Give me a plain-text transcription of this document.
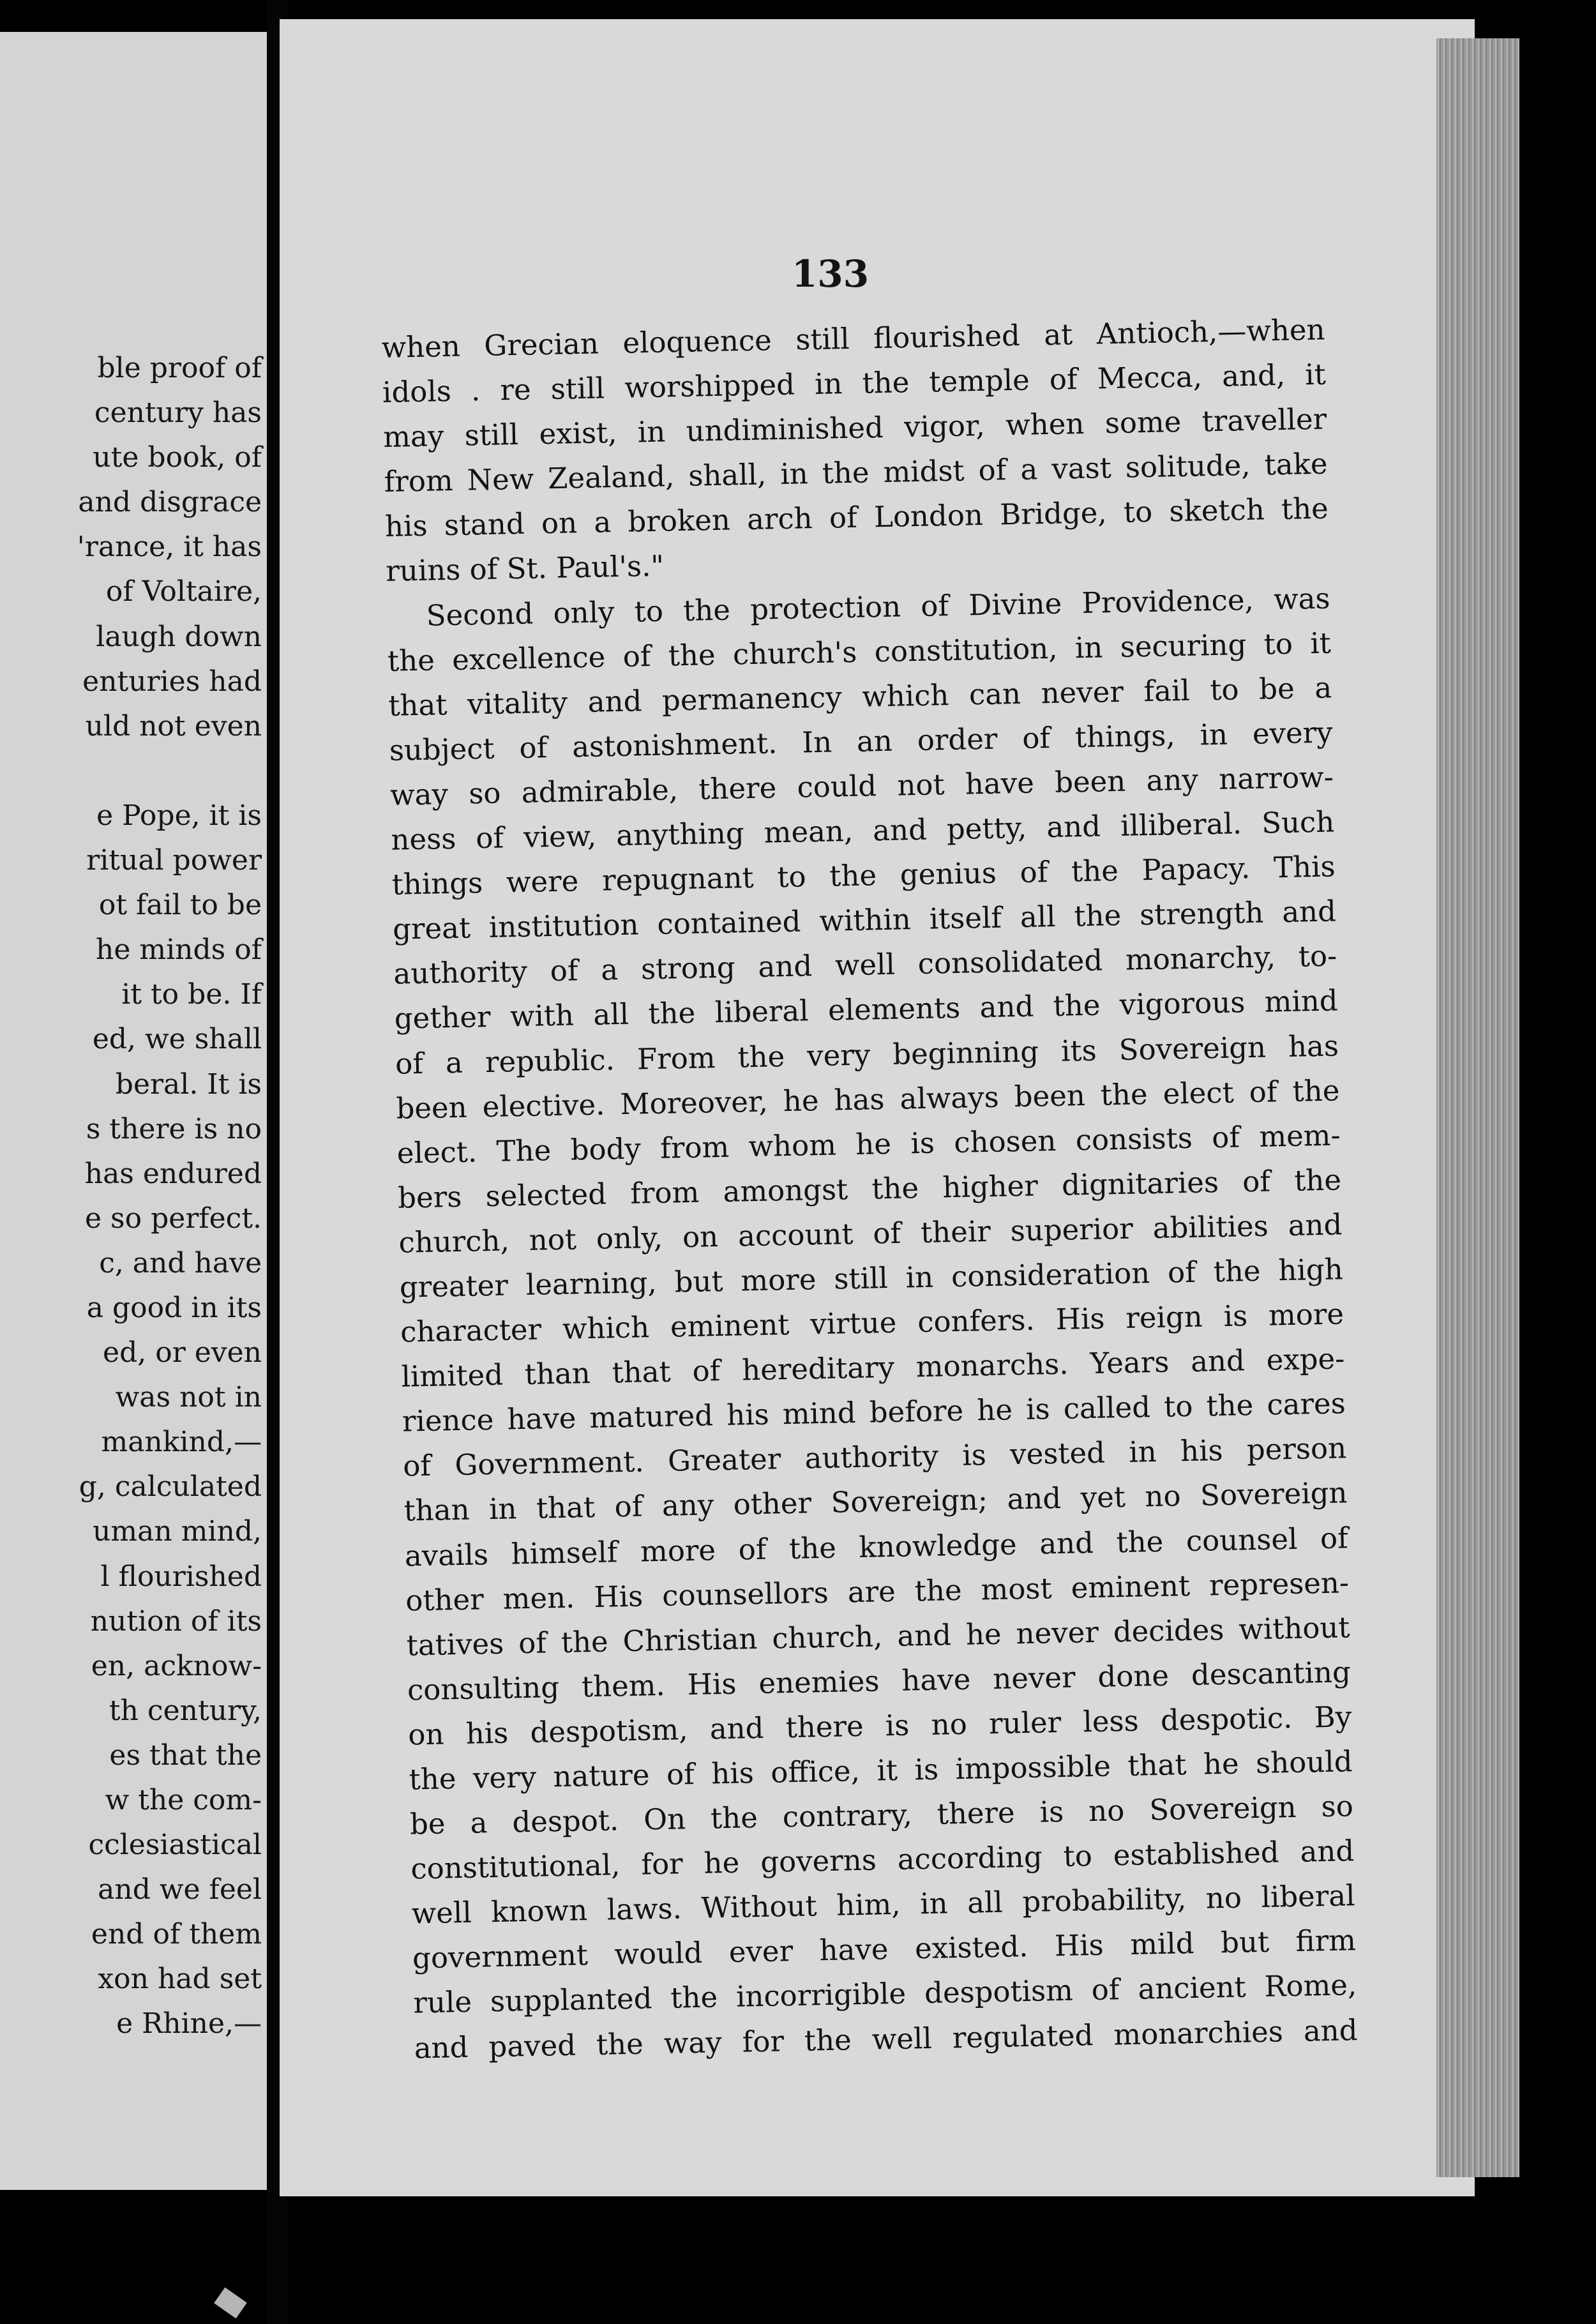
ble proof of
century has
ute book, of
and disgrace
'rance, it has
of Voltaire,
laugh down
enturies had
uld not even

e Pope, it is
ritual power
ot fail to be
he minds of
it to be. If
ed, we shall
beral. It is
s there is no
has endured
e so perfect.
c, and have
a good in its
ed, or even
was not in
mankind,—
g, calculated
uman mind,
l flourished
nution of its
en, acknow-
th century,
es that the
w the com-
cclesiastical
and we feel
end of them
xon had set
e Rhine,—
133
when Grecian eloquence still flourished at Antioch,—when
idols . re still worshipped in the temple of Mecca, and, it
may still exist, in undiminished vigor, when some traveller
from New Zealand, shall, in the midst of a vast solitude, take
his stand on a broken arch of London Bridge, to sketch the
ruins of St. Paul's."
Second only to the protection of Divine Providence, was
the excellence of the church's constitution, in securing to it
that vitality and permanency which can never fail to be a
subject of astonishment. In an order of things, in every
way so admirable, there could not have been any narrow-
ness of view, anything mean, and petty, and illiberal. Such
things were repugnant to the genius of the Papacy. This
great institution contained within itself all the strength and
authority of a strong and well consolidated monarchy, to-
gether with all the liberal elements and the vigorous mind
of a republic. From the very beginning its Sovereign has
been elective. Moreover, he has always been the elect of the
elect. The body from whom he is chosen consists of mem-
bers selected from amongst the higher dignitaries of the
church, not only, on account of their superior abilities and
greater learning, but more still in consideration of the high
character which eminent virtue confers. His reign is more
limited than that of hereditary monarchs. Years and expe-
rience have matured his mind before he is called to the cares
of Government. Greater authority is vested in his person
than in that of any other Sovereign; and yet no Sovereign
avails himself more of the knowledge and the counsel of
other men. His counsellors are the most eminent represen-
tatives of the Christian church, and he never decides without
consulting them. His enemies have never done descanting
on his despotism, and there is no ruler less despotic. By
the very nature of his office, it is impossible that he should
be a despot. On the contrary, there is no Sovereign so
constitutional, for he governs according to established and
well known laws. Without him, in all probability, no liberal
government would ever have existed. His mild but firm
rule supplanted the incorrigible despotism of ancient Rome,
and paved the way for the well regulated monarchies and
